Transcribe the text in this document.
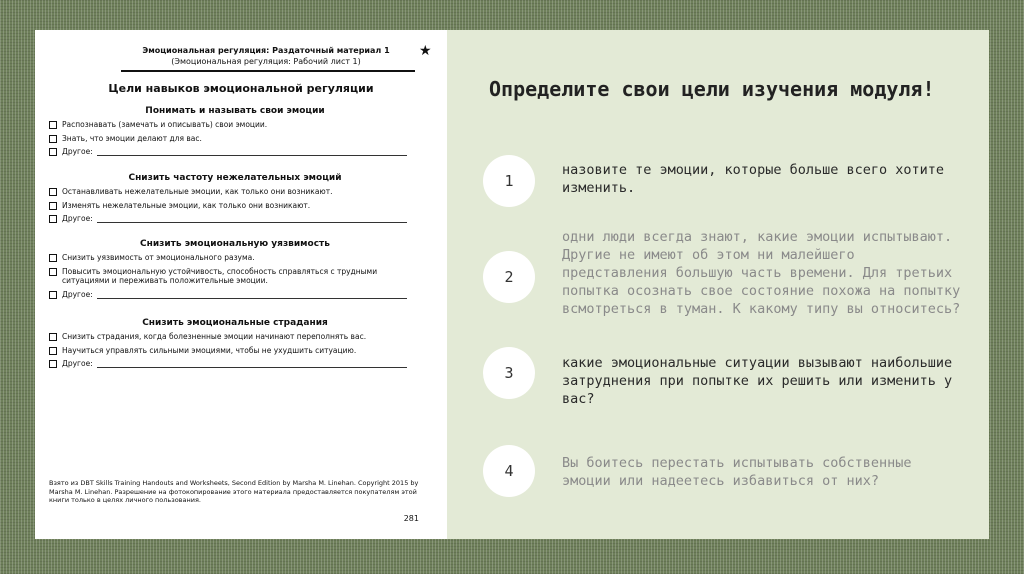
Эмоциональная регуляция: Раздаточный материал 1
(Эмоциональная регуляция: Рабочий лист 1)
★
Цели навыков эмоциональной регуляции
Понимать и называть свои эмоции
Распознавать (замечать и описывать) свои эмоции.
Знать, что эмоции делают для вас.
Другое:
Снизить частоту нежелательных эмоций
Останавливать нежелательные эмоции, как только они возникают.
Изменять нежелательные эмоции, как только они возникают.
Другое:
Снизить эмоциональную уязвимость
Снизить уязвимость от эмоционального разума.
Повысить эмоциональную устойчивость, способность справляться с трудными ситуациями и переживать положительные эмоции.
Другое:
Снизить эмоциональные страдания
Снизить страдания, когда болезненные эмоции начинают переполнять вас.
Научиться управлять сильными эмоциями, чтобы не ухудшить ситуацию.
Другое:
Взято из DBT Skills Training Handouts and Worksheets, Second Edition by Marsha M. Linehan. Copyright 2015 by Marsha M. Linehan. Разрешение на фотокопирование этого материала предоставляется покупателям этой книги только в целях личного пользования.
281
Определите свои цели изучения модуля!
1
назовите те эмоции, которые больше всего хотите изменить.
2
одни люди всегда знают, какие эмоции испытывают. Другие не имеют об этом ни малейшего представления большую часть времени. Для третьих попытка осознать свое состояние похожа на попытку всмотреться в туман. К какому типу вы относитесь?
3
какие эмоциональные ситуации вызывают наибольшие затруднения при попытке их решить или изменить у вас?
4	Вы боитесь перестать испытывать собственные эмоции или надеетесь избавиться от них?
